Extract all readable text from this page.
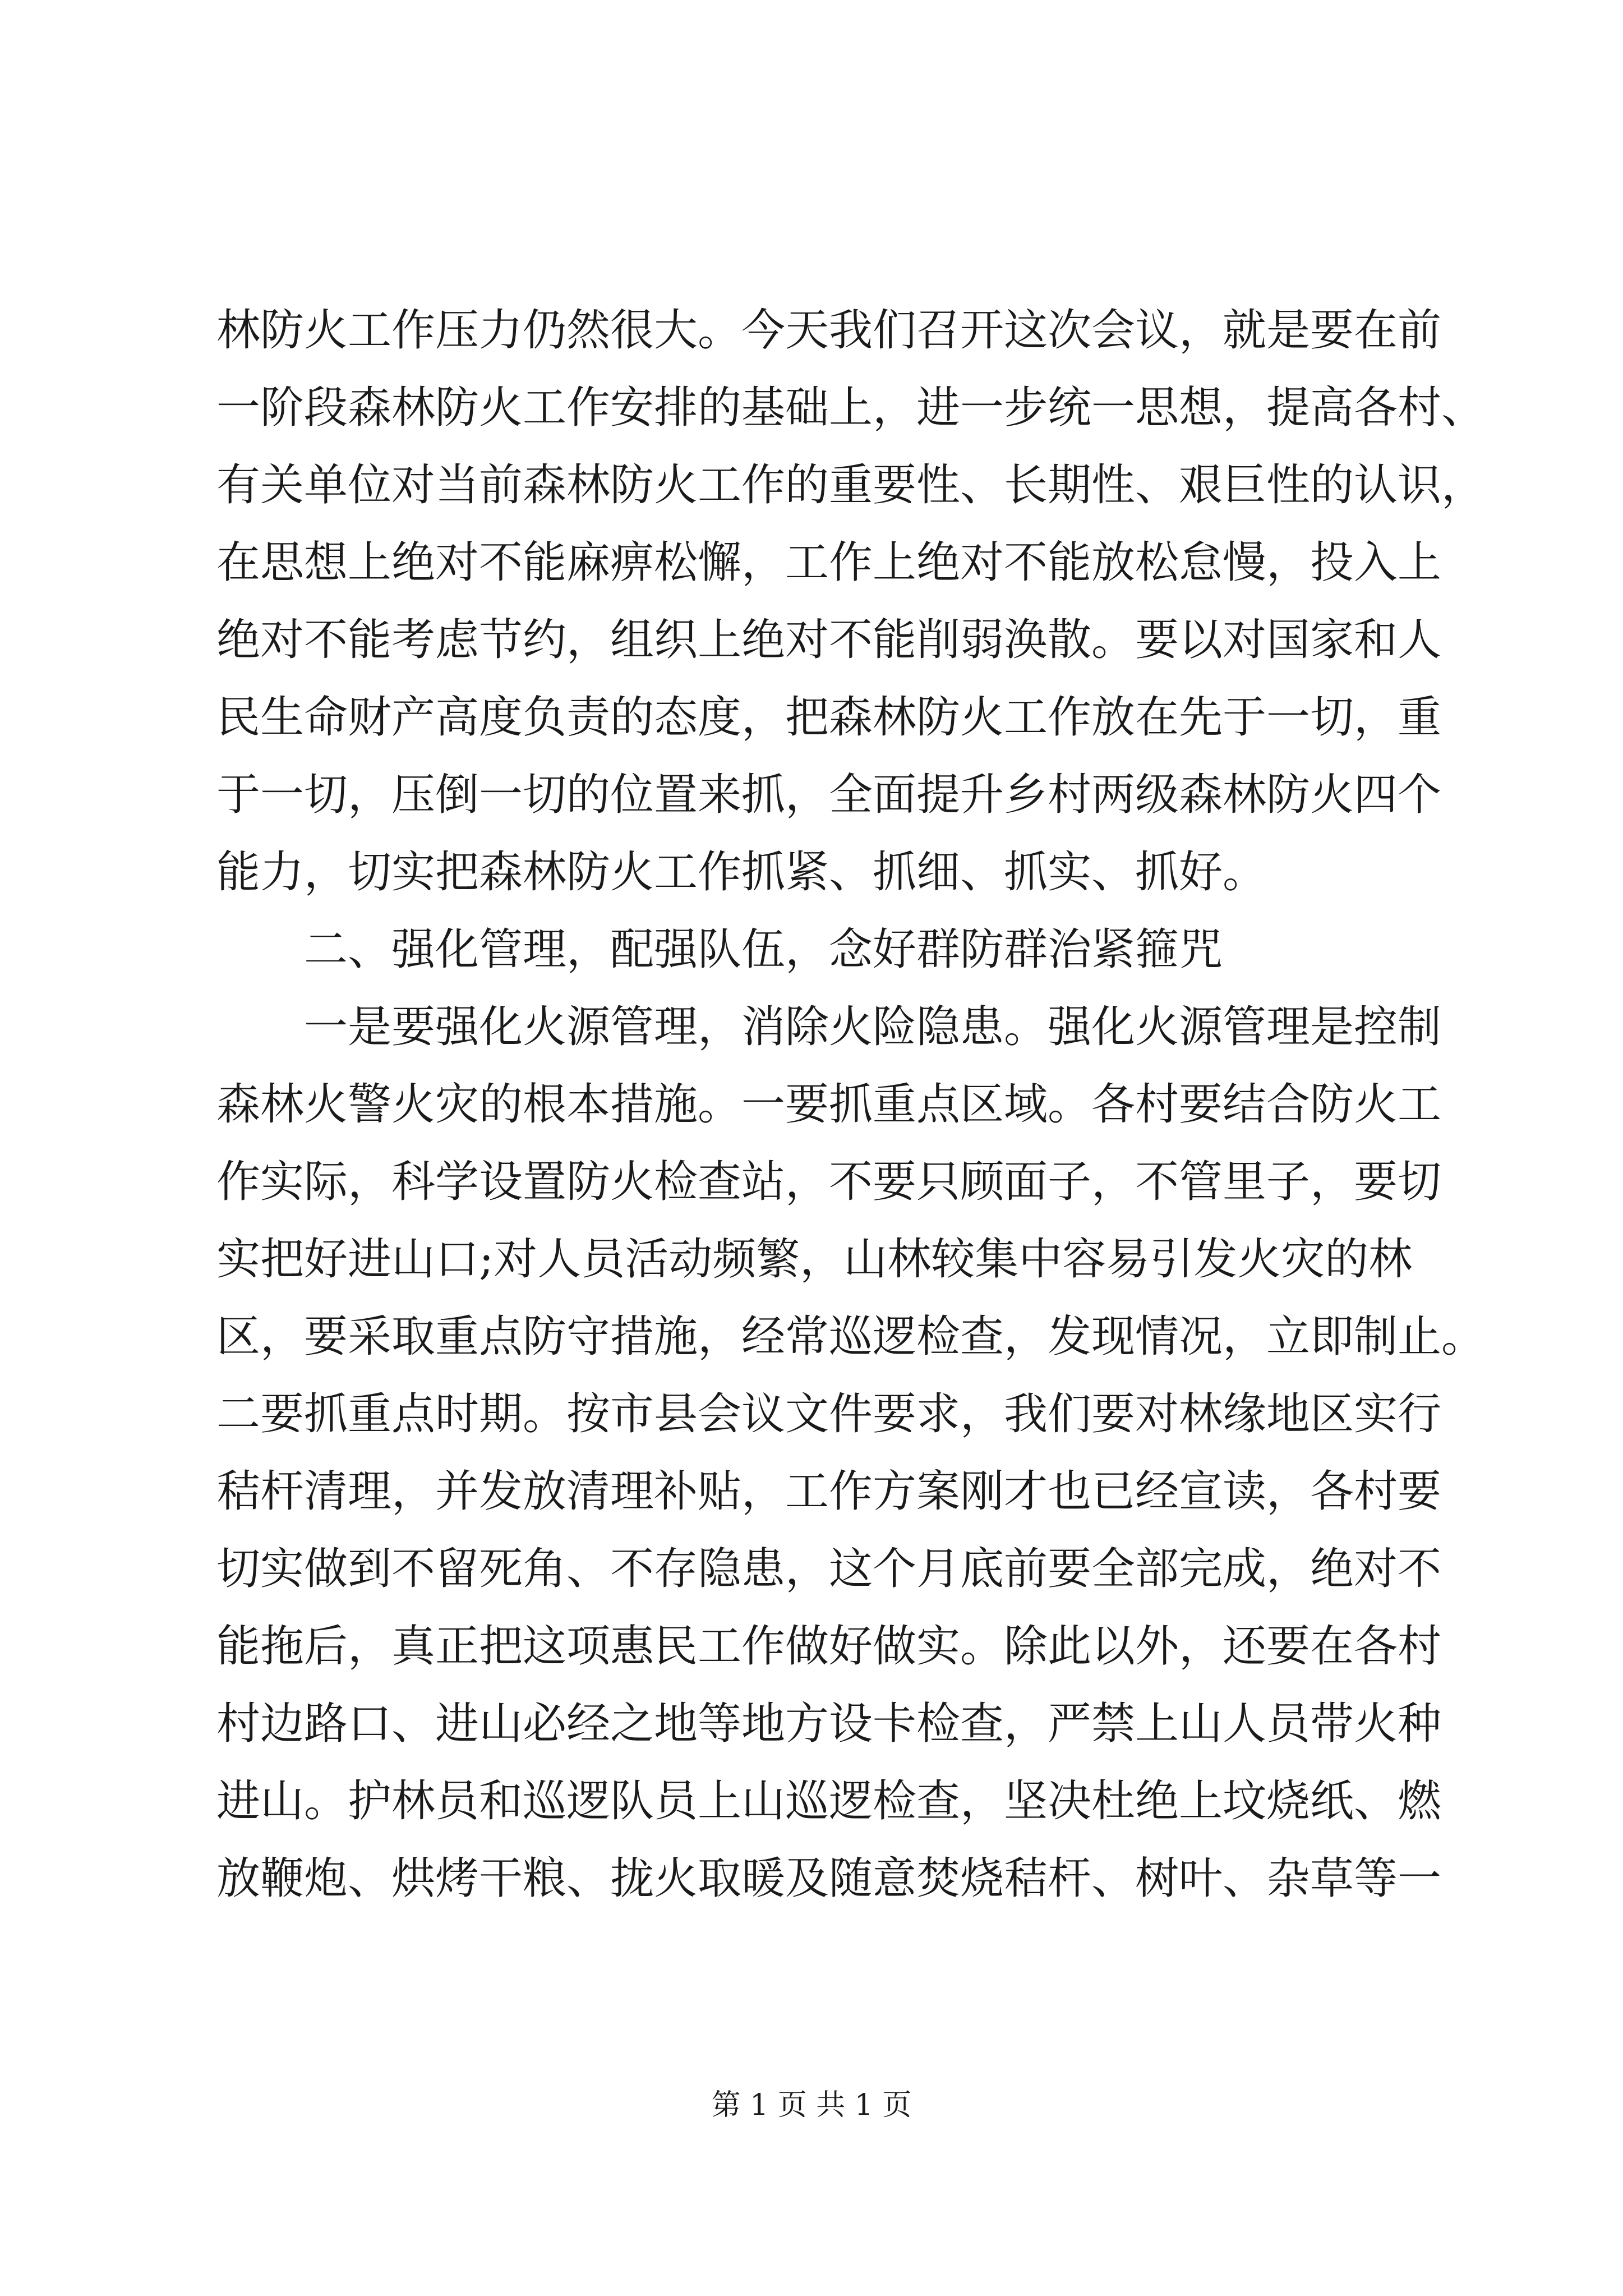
林防火工作压力仍然很大。今天我们召开这次会议，就是要在前
一阶段森林防火工作安排的基础上，进一步统一思想，提高各村、
有关单位对当前森林防火工作的重要性、长期性、艰巨性的认识，
在思想上绝对不能麻痹松懈，工作上绝对不能放松怠慢，投入上
绝对不能考虑节约，组织上绝对不能削弱涣散。要以对国家和人
民生命财产高度负责的态度，把森林防火工作放在先于一切，重
于一切，压倒一切的位置来抓，全面提升乡村两级森林防火四个
能力，切实把森林防火工作抓紧、抓细、抓实、抓好。
二、强化管理，配强队伍，念好群防群治紧箍咒
一是要强化火源管理，消除火险隐患。强化火源管理是控制
森林火警火灾的根本措施。一要抓重点区域。各村要结合防火工
作实际，科学设置防火检查站，不要只顾面子，不管里子，要切
实把好进山口;对人员活动频繁，山林较集中容易引发火灾的林
区，要采取重点防守措施，经常巡逻检查，发现情况，立即制止。
二要抓重点时期。按市县会议文件要求，我们要对林缘地区实行
秸杆清理，并发放清理补贴，工作方案刚才也已经宣读，各村要
切实做到不留死角、不存隐患，这个月底前要全部完成，绝对不
能拖后，真正把这项惠民工作做好做实。除此以外，还要在各村
村边路口、进山必经之地等地方设卡检查，严禁上山人员带火种
进山。护林员和巡逻队员上山巡逻检查，坚决杜绝上坟烧纸、燃
放鞭炮、烘烤干粮、拢火取暖及随意焚烧秸杆、树叶、杂草等一
第 1 页 共 1 页
